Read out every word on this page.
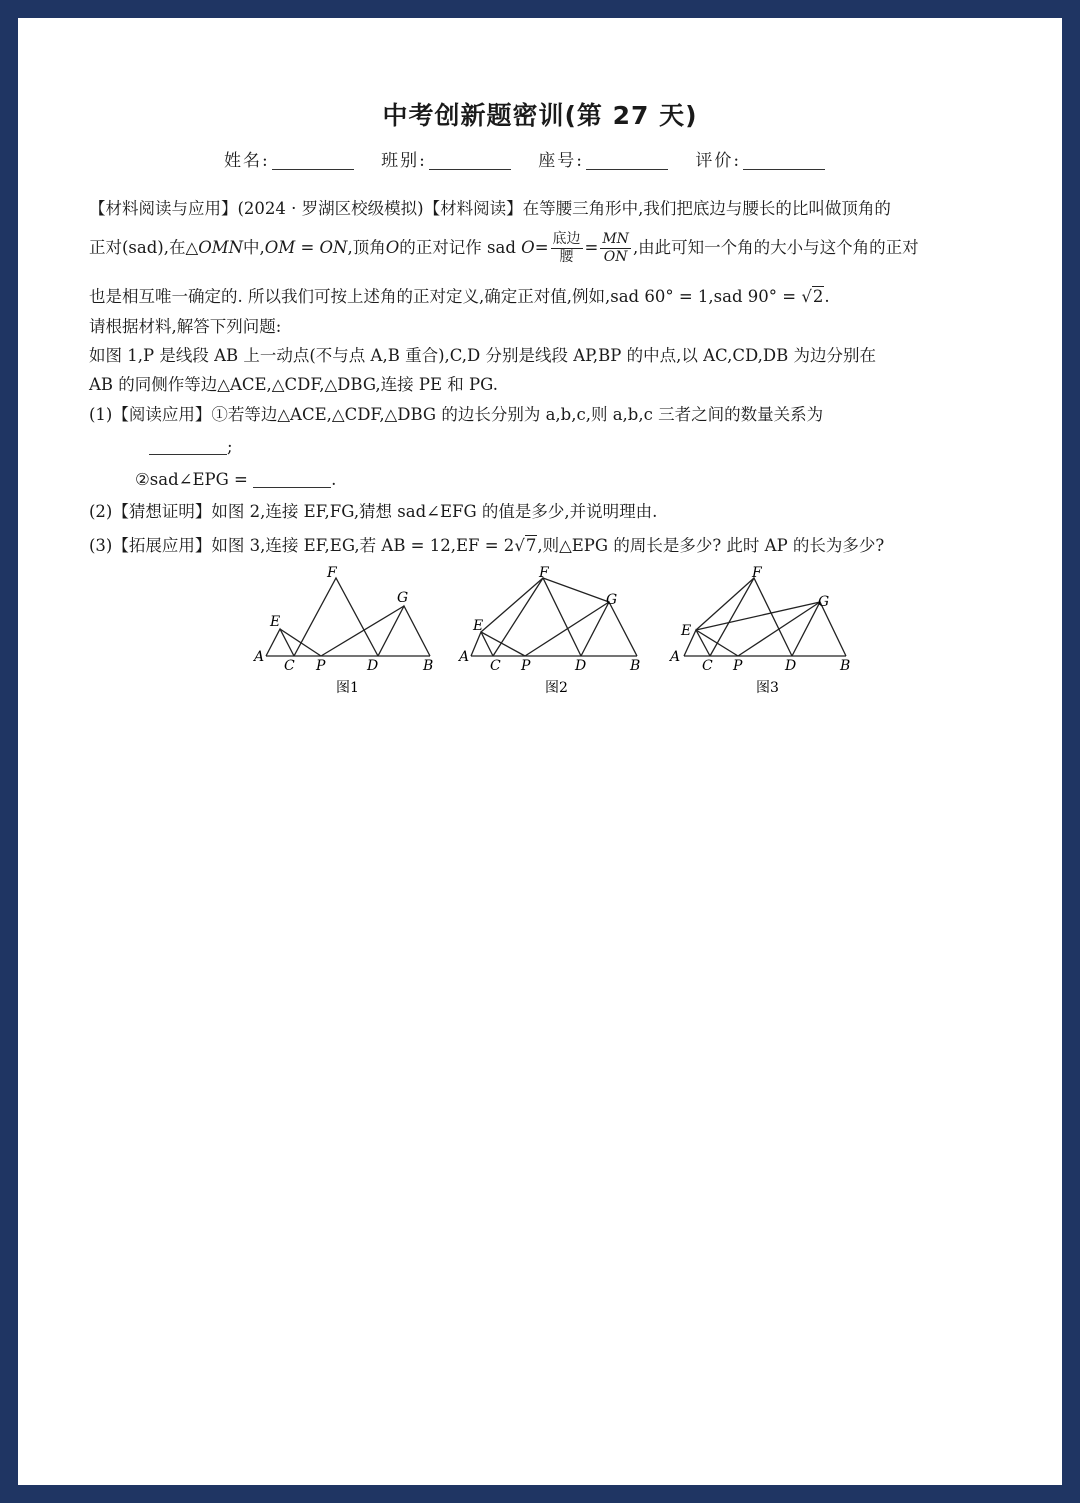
中考创新题密训(第 27 天)
姓名:	班别:	座号:	评价:
【材料阅读与应用】(2024 · 罗湖区校级模拟)【材料阅读】在等腰三角形中,我们把底边与腰长的比叫做顶角的
正对(sad),在△OMN中,OM = ON,顶角O的正对记作 sad $O= \frac{\text{底边}}{\text{腰}} = \frac{MN}{ON}$ ,由此可知一个角的大小与这个角的正对
也是相互唯一确定的. 所以我们可按上述角的正对定义,确定正对值,例如,sad 60° = 1,sad 90° = √2.
请根据材料,解答下列问题:
如图 1,P 是线段 AB 上一动点(不与点 A,B 重合),C,D 分别是线段 AP,BP 的中点,以 AC,CD,DB 为边分别在
AB 的同侧作等边△ACE,△CDF,△DBG,连接 PE 和 PG.
(1)【阅读应用】①若等边△ACE,△CDF,△DBG 的边长分别为 a,b,c,则 a,b,c 三者之间的数量关系为
;
②sad∠EPG =	.
(2)【猜想证明】如图 2,连接 EF,FG,猜想 sad∠EFG 的值是多少,并说明理由.
(3)【拓展应用】如图 3,连接 EF,EG,若 AB = 12,EF = 2√7,则△EPG 的周长是多少? 此时 AP 的长为多少?
A
C P	D	B
E
F
G
图1
A
C P	D	B
E
F
G
图2
A
C P	D	B
E
F
G
图3
